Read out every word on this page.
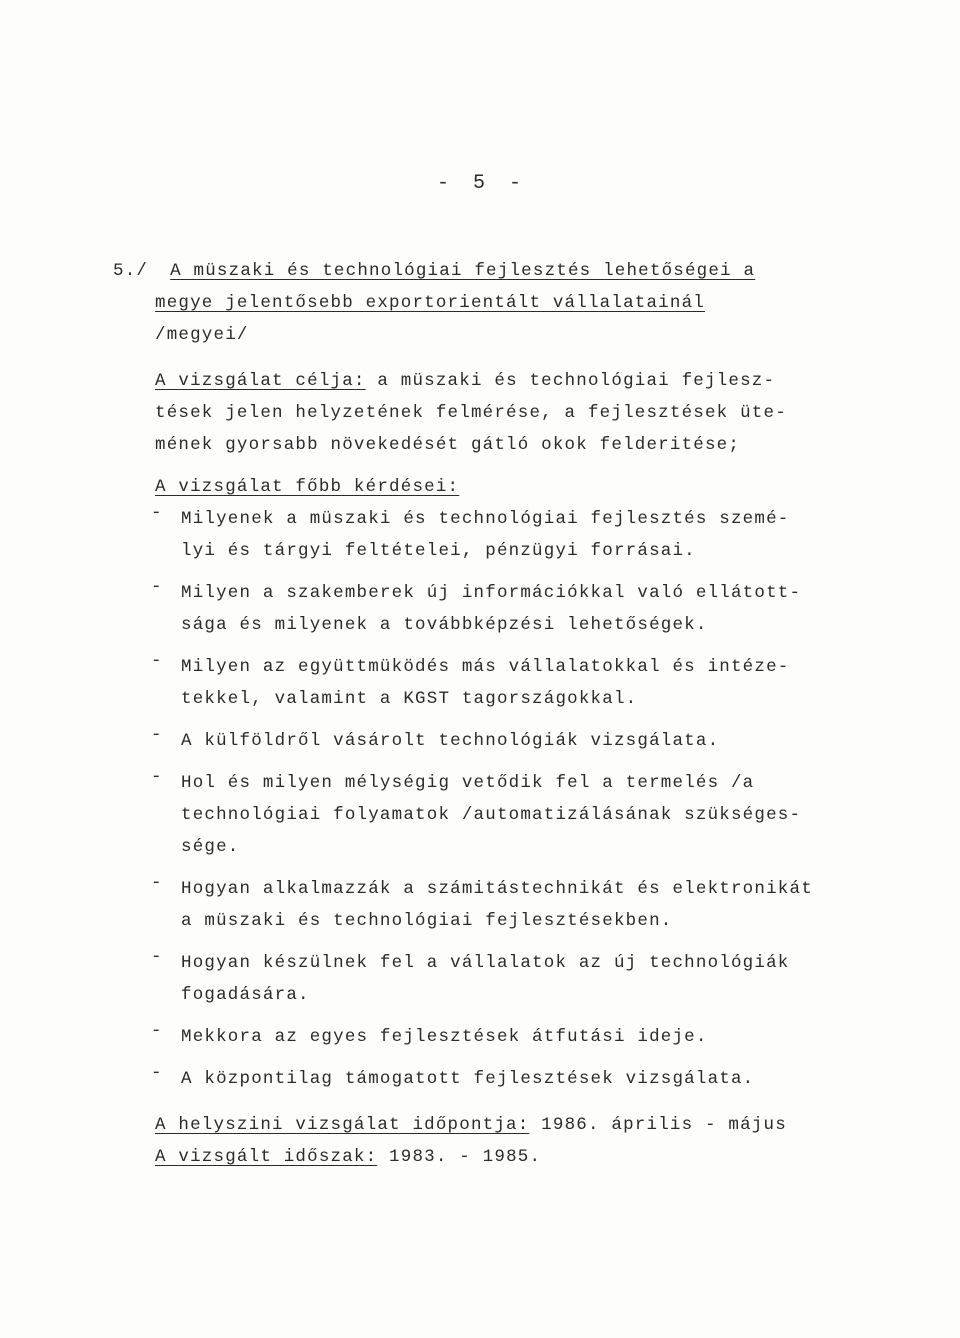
- 5 -
5./ A müszaki és technológiai fejlesztés lehetőségei a
megye jelentősebb exportorientált vállalatainál
/megyei/
A vizsgálat célja: a müszaki és technológiai fejlesz-
tések jelen helyzetének felmérése, a fejlesztések üte-
mének gyorsabb növekedését gátló okok felderitése;
A vizsgálat főbb kérdései:
- Milyenek a müszaki és technológiai fejlesztés szemé-
lyi és tárgyi feltételei, pénzügyi forrásai.
- Milyen a szakemberek új információkkal való ellátott-
sága és milyenek a továbbképzési lehetőségek.
- Milyen az együttmüködés más vállalatokkal és intéze-
tekkel, valamint a KGST tagországokkal.
- A külföldről vásárolt technológiák vizsgálata.
- Hol és milyen mélységig vetődik fel a termelés /a
technológiai folyamatok /automatizálásának szükséges-
sége.
- Hogyan alkalmazzák a számitástechnikát és elektronikát
a müszaki és technológiai fejlesztésekben.
- Hogyan készülnek fel a vállalatok az új technológiák
fogadására.
- Mekkora az egyes fejlesztések átfutási ideje.
- A központilag támogatott fejlesztések vizsgálata.
A helyszini vizsgálat időpontja: 1986. április - május
A vizsgált időszak: 1983. - 1985.
